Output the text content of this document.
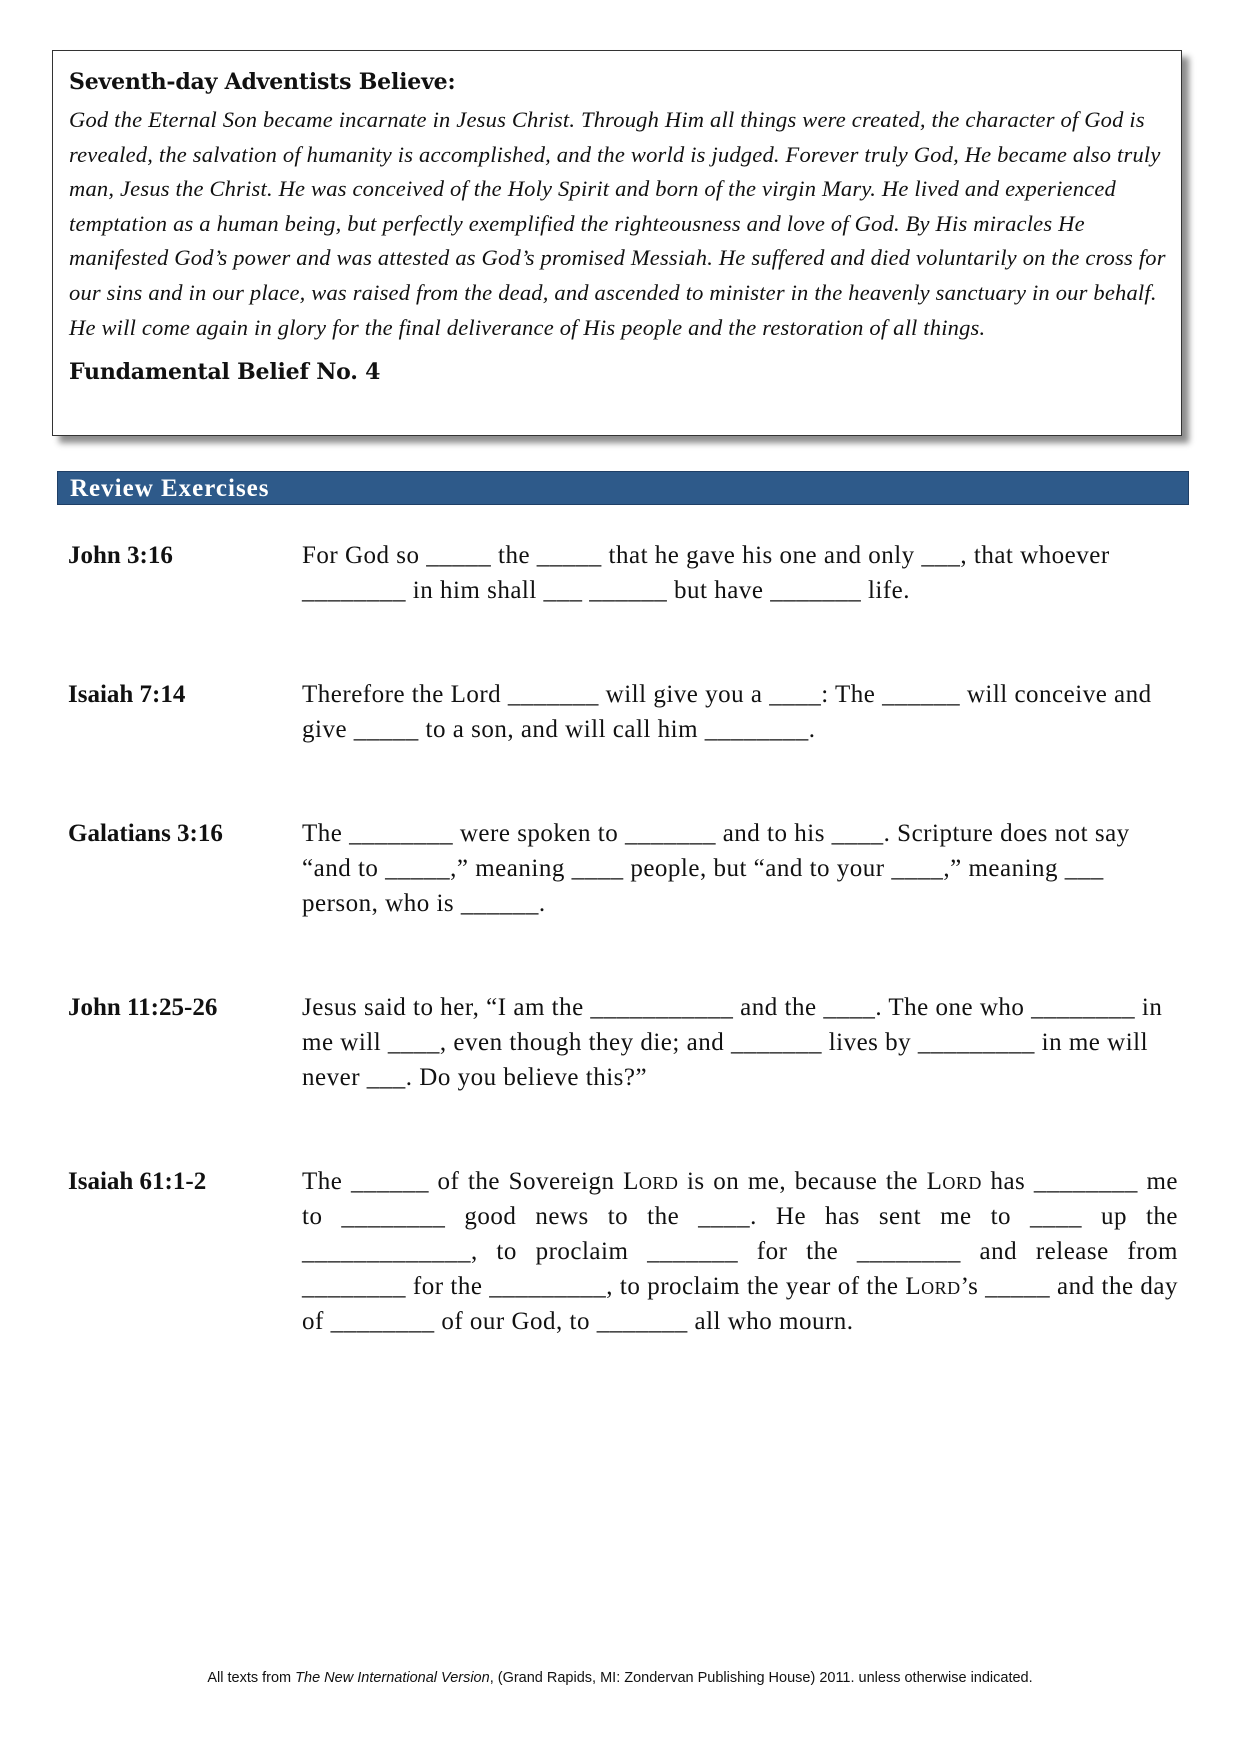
Seventh-day Adventists Believe:

God the Eternal Son became incarnate in Jesus Christ. Through Him all things were created, the character of God is revealed, the salvation of humanity is accomplished, and the world is judged. Forever truly God, He became also truly man, Jesus the Christ. He was conceived of the Holy Spirit and born of the virgin Mary. He lived and experienced temptation as a human being, but perfectly exemplified the righteousness and love of God. By His miracles He manifested God’s power and was attested as God’s promised Messiah. He suffered and died voluntarily on the cross for our sins and in our place, was raised from the dead, and ascended to minister in the heavenly sanctuary in our behalf. He will come again in glory for the final deliverance of His people and the restoration of all things.

Fundamental Belief No. 4
Review Exercises
John 3:16	For God so _____ the _____ that he gave his one and only ___, that whoever ________ in him shall ___ ______ but have _______ life.
Isaiah 7:14	Therefore the Lord _______ will give you a ____: The ______ will conceive and give _____ to a son, and will call him ________.
Galatians 3:16	The ________ were spoken to _______ and to his ____. Scripture does not say “and to _____,” meaning ____ people, but “and to your ____,” meaning ___ person, who is ______.
John 11:25-26	Jesus said to her, “I am the ___________ and the ____. The one who ________ in me will ____, even though they die; and _______ lives by _________ in me will never ___. Do you believe this?”
Isaiah 61:1-2	The ______ of the Sovereign Lord is on me, because the Lord has ________ me to ________ good news to the ____. He has sent me to ____ up the _____________, to proclaim _______ for the ________ and release from ________ for the _________, to proclaim the year of the Lord’s _____ and the day of ________ of our God, to _______ all who mourn.
All texts from The New International Version, (Grand Rapids, MI: Zondervan Publishing House) 2011. unless otherwise indicated.
